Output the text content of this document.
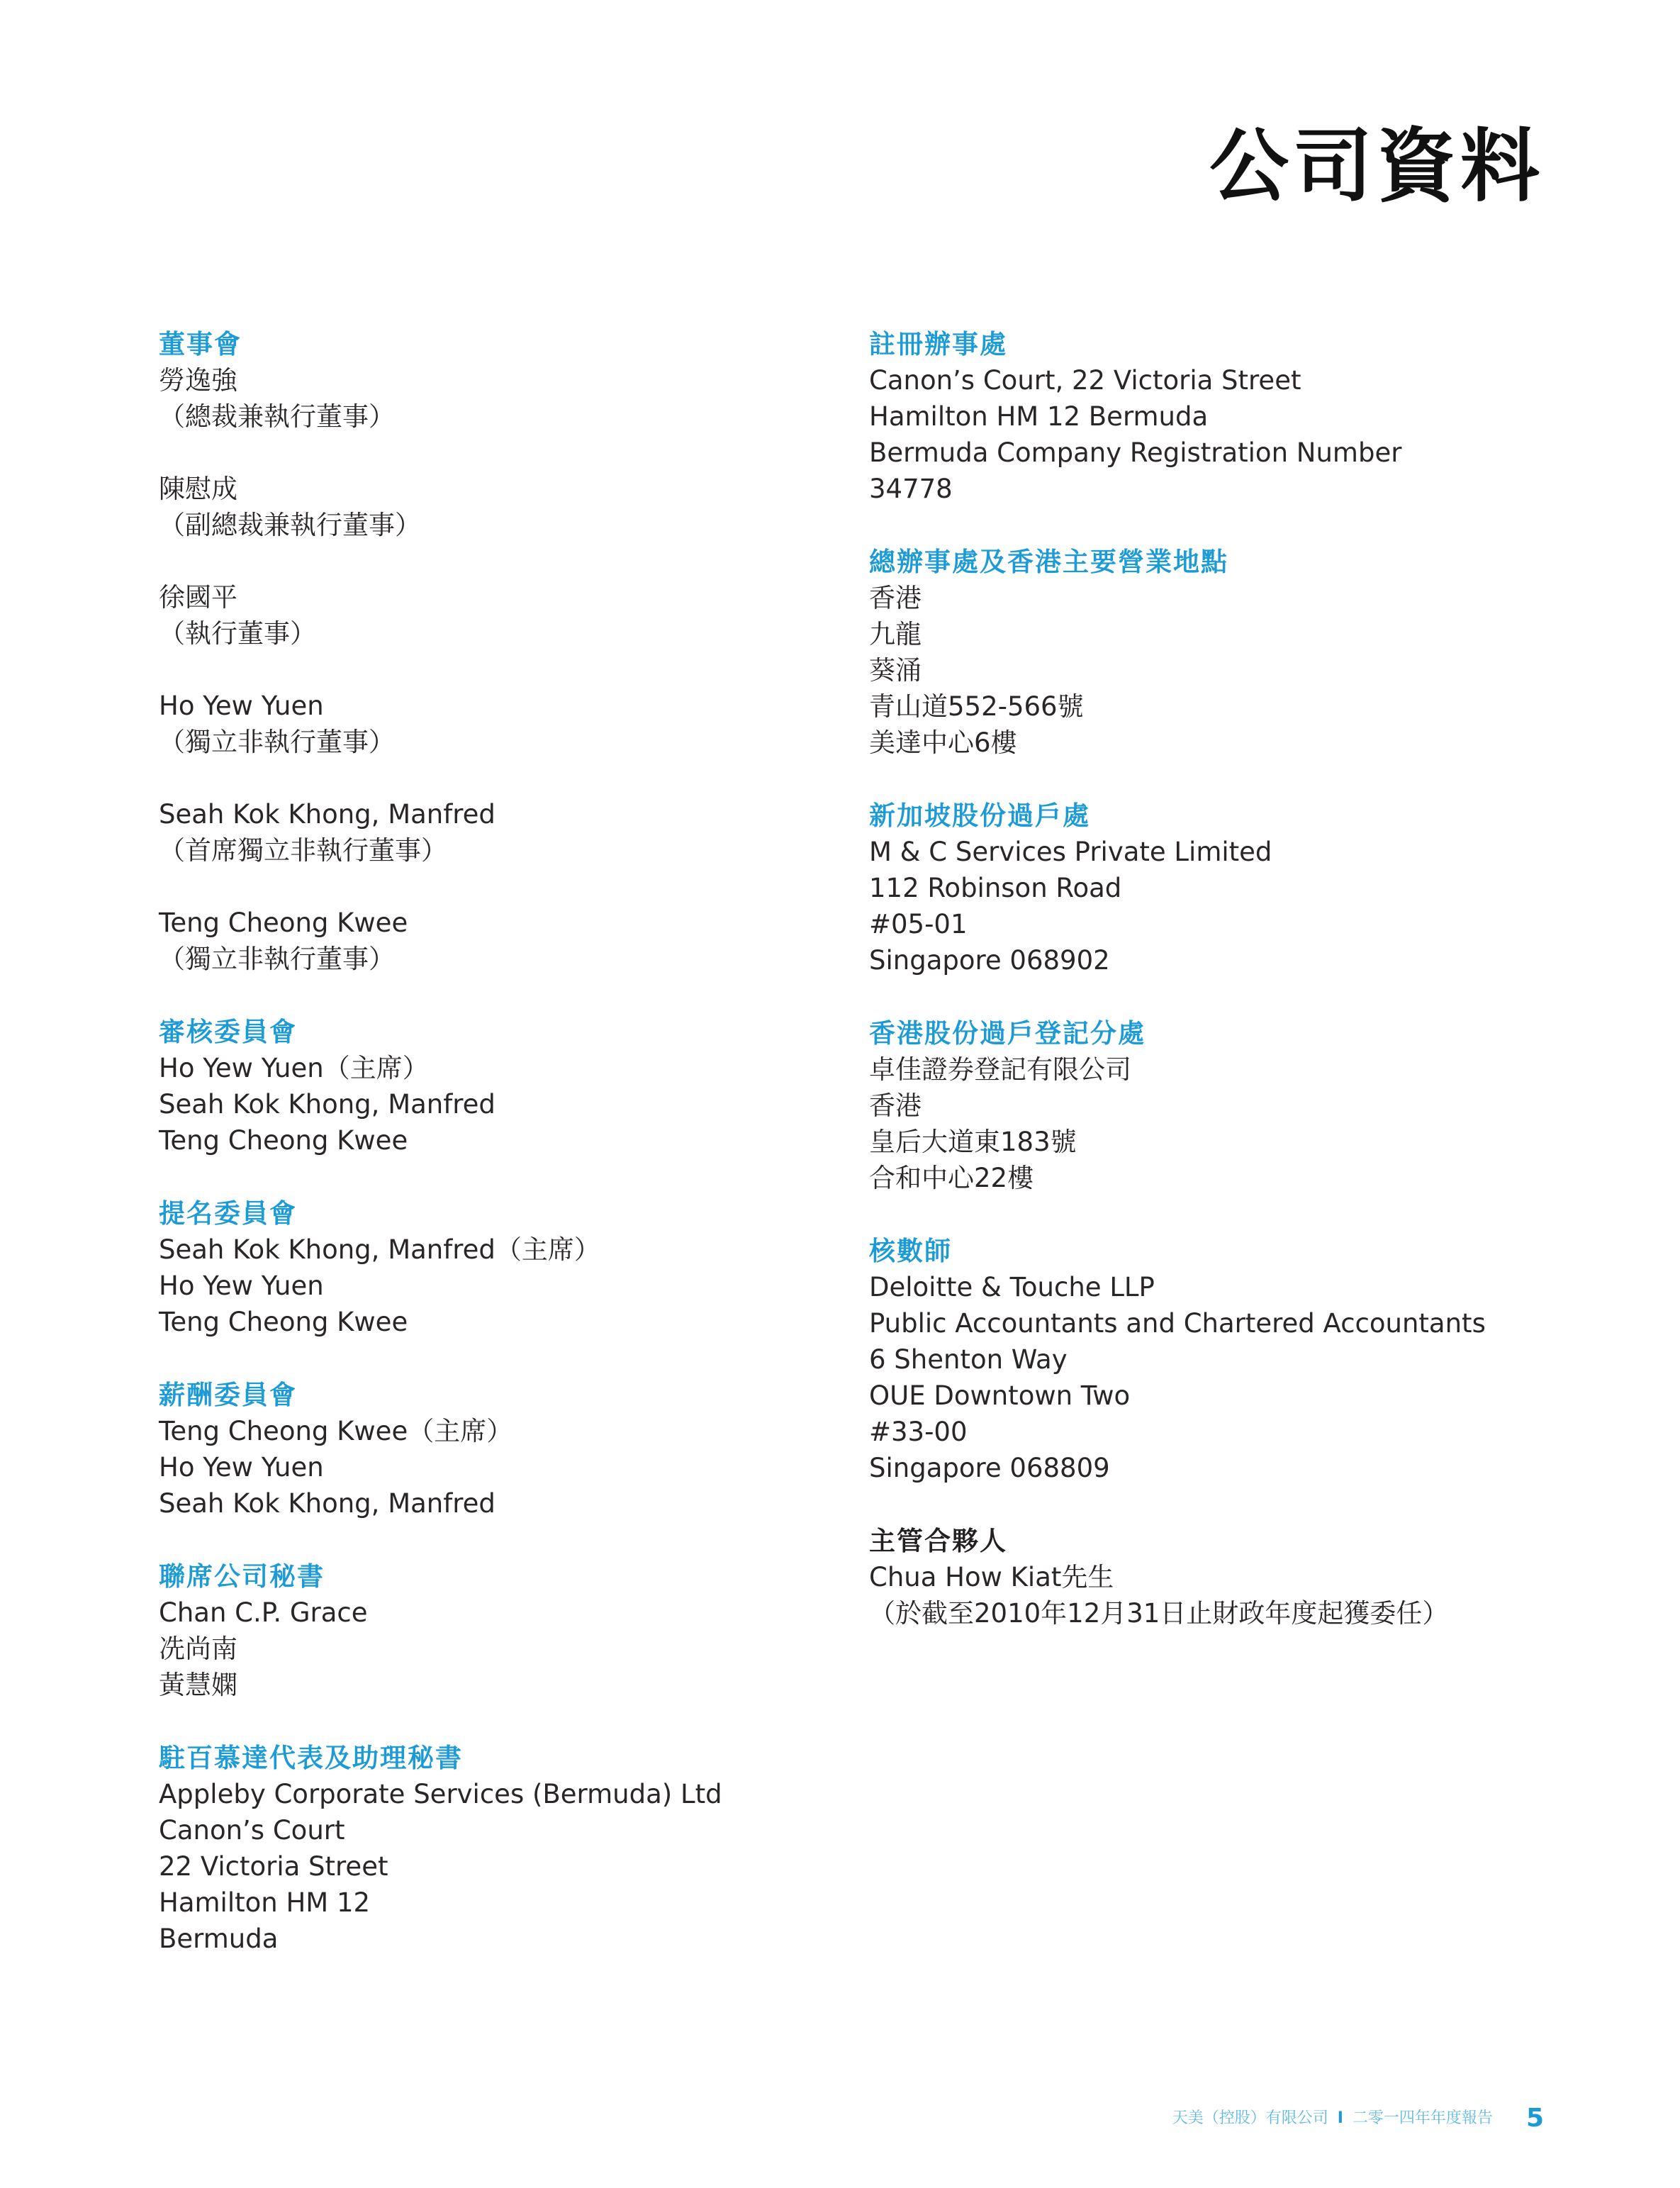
公司資料
董事會
勞逸強
（總裁兼執行董事）
陳慰成
（副總裁兼執行董事）
徐國平
（執行董事）
Ho Yew Yuen
（獨立非執行董事）
Seah Kok Khong, Manfred
（首席獨立非執行董事）
Teng Cheong Kwee
（獨立非執行董事）
審核委員會
Ho Yew Yuen（主席）
Seah Kok Khong, Manfred
Teng Cheong Kwee
提名委員會
Seah Kok Khong, Manfred（主席）
Ho Yew Yuen
Teng Cheong Kwee
薪酬委員會
Teng Cheong Kwee（主席）
Ho Yew Yuen
Seah Kok Khong, Manfred
聯席公司秘書
Chan C.P. Grace
冼尚南
黃慧嫻
駐百慕達代表及助理秘書
Appleby Corporate Services (Bermuda) Ltd
Canon’s Court
22 Victoria Street
Hamilton HM 12
Bermuda
註冊辦事處
Canon’s Court, 22 Victoria Street
Hamilton HM 12 Bermuda
Bermuda Company Registration Number
34778
總辦事處及香港主要營業地點
香港
九龍
葵涌
青山道552-566號
美達中心6樓
新加坡股份過戶處
M & C Services Private Limited
112 Robinson Road
#05-01
Singapore 068902
香港股份過戶登記分處
卓佳證券登記有限公司
香港
皇后大道東183號
合和中心22樓
核數師
Deloitte & Touche LLP
Public Accountants and Chartered Accountants
6 Shenton Way
OUE Downtown Two
#33-00
Singapore 068809
主管合夥人
Chua How Kiat先生
（於截至2010年12月31日止財政年度起獲委任）
天美（控股）有限公司 I 二零一四年年度報告 5
